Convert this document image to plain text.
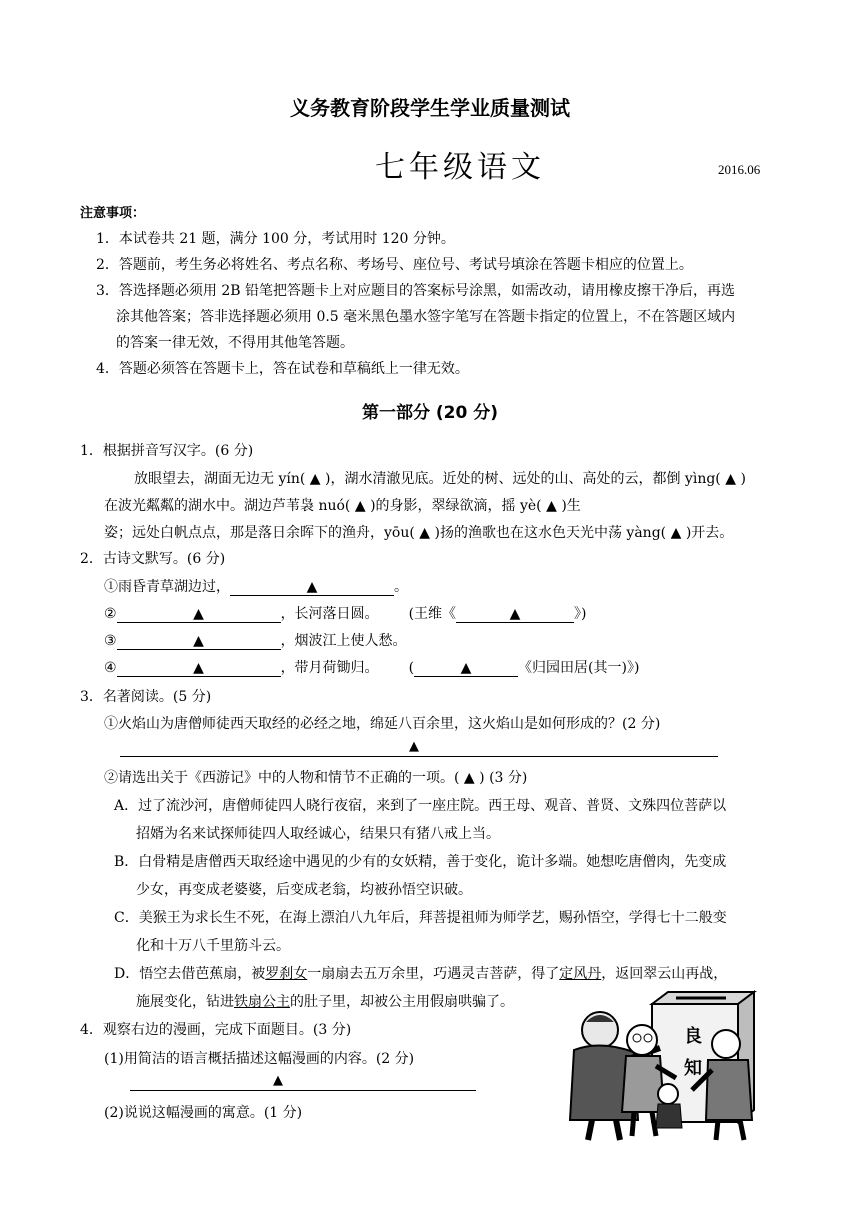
义务教育阶段学生学业质量测试
七年级语文	2016.06
注意事项：
1．本试卷共 21 题，满分 100 分，考试用时 120 分钟。
2．答题前，考生务必将姓名、考点名称、考场号、座位号、考试号填涂在答题卡相应的位置上。
3．答选择题必须用 2B 铅笔把答题卡上对应题目的答案标号涂黑，如需改动，请用橡皮擦干净后，再选
涂其他答案；答非选择题必须用 0.5 毫米黑色墨水签字笔写在答题卡指定的位置上，不在答题区域内
的答案一律无效，不得用其他笔答题。
4．答题必须答在答题卡上，答在试卷和草稿纸上一律无效。
第一部分 (20 分)
1．根据拼音写汉字。(6 分)
放眼望去，湖面无边无 yín( ▲ )，湖水清澈见底。近处的树、远处的山、高处的云，都倒 yìng( ▲ )
在波光粼粼的湖水中。湖边芦苇袅 nuó( ▲ )的身影，翠绿欲滴，摇 yè( ▲ )生
姿；远处白帆点点，那是落日余晖下的渔舟，yōu( ▲ )扬的渔歌也在这水色天光中荡 yàng( ▲ )开去。
2．古诗文默写。(6 分)
①雨昏青草湖边过，	▲	。
②	▲	，长河落日圆。 (王维《	▲	》)
③	▲	，烟波江上使人愁。
④	▲	，带月荷锄归。 (	▲	《归园田居(其一)》)
3．名著阅读。(5 分)
①火焰山为唐僧师徒西天取经的必经之地，绵延八百余里，这火焰山是如何形成的？(2 分)
▲
②请选出关于《西游记》中的人物和情节不正确的一项。( ▲ ) (3 分)
A．过了流沙河，唐僧师徒四人晓行夜宿，来到了一座庄院。西王母、观音、普贤、文殊四位菩萨以
招婿为名来试探师徒四人取经诚心，结果只有猪八戒上当。
B．白骨精是唐僧西天取经途中遇见的少有的女妖精，善于变化，诡计多端。她想吃唐僧肉，先变成
少女，再变成老婆婆，后变成老翁，均被孙悟空识破。
C．美猴王为求长生不死，在海上漂泊八九年后，拜菩提祖师为师学艺，赐孙悟空，学得七十二般变
化和十万八千里筋斗云。
D．悟空去借芭蕉扇，被罗刹女一扇扇去五万余里，巧遇灵吉菩萨，得了定风丹，返回翠云山再战，
施展变化，钻进铁扇公主的肚子里，却被公主用假扇哄骗了。
4．观察右边的漫画，完成下面题目。(3 分)
(1)用简洁的语言概括描述这幅漫画的内容。(2 分)
▲
(2)说说这幅漫画的寓意。(1 分)
良
知
